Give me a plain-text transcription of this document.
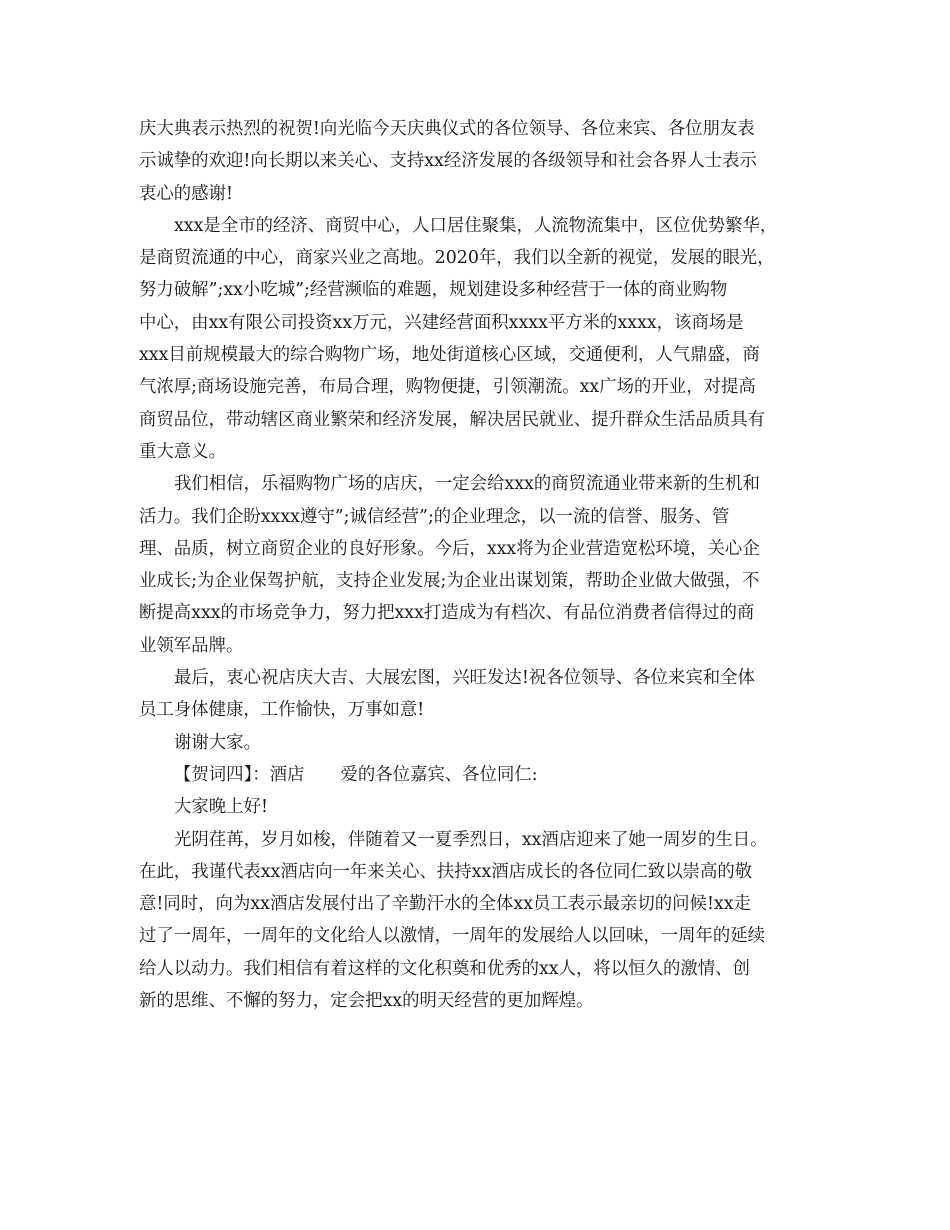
庆大典表示热烈的祝贺!向光临今天庆典仪式的各位领导、各位来宾、各位朋友表
示诚挚的欢迎!向长期以来关心、支持xx经济发展的各级领导和社会各界人士表示
衷心的感谢!
xxx是全市的经济、商贸中心，人口居住聚集，人流物流集中，区位优势繁华，
是商贸流通的中心，商家兴业之高地。2020年，我们以全新的视觉，发展的眼光，
努力破解”;xx小吃城”;经营濒临的难题，规划建设多种经营于一体的商业购物
中心，由xx有限公司投资xx万元，兴建经营面积xxxx平方米的xxxx，该商场是
xxx目前规模最大的综合购物广场，地处街道核心区域，交通便利，人气鼎盛，商
气浓厚;商场设施完善，布局合理，购物便捷，引领潮流。xx广场的开业，对提高
商贸品位，带动辖区商业繁荣和经济发展，解决居民就业、提升群众生活品质具有
重大意义。
我们相信，乐福购物广场的店庆，一定会给xxx的商贸流通业带来新的生机和
活力。我们企盼xxxx遵守”;诚信经营”;的企业理念，以一流的信誉、服务、管
理、品质，树立商贸企业的良好形象。今后，xxx将为企业营造宽松环境，关心企
业成长;为企业保驾护航，支持企业发展;为企业出谋划策，帮助企业做大做强，不
断提高xxx的市场竞争力，努力把xxx打造成为有档次、有品位消费者信得过的商
业领军品牌。
最后，衷心祝店庆大吉、大展宏图，兴旺发达!祝各位领导、各位来宾和全体
员工身体健康，工作愉快，万事如意!
谢谢大家。
【贺词四】：酒店 爱的各位嘉宾、各位同仁:
大家晚上好!
光阴荏苒，岁月如梭，伴随着又一夏季烈日，xx酒店迎来了她一周岁的生日。
在此，我谨代表xx酒店向一年来关心、扶持xx酒店成长的各位同仁致以崇高的敬
意!同时，向为xx酒店发展付出了辛勤汗水的全体xx员工表示最亲切的问候!xx走
过了一周年，一周年的文化给人以激情，一周年的发展给人以回味，一周年的延续
给人以动力。我们相信有着这样的文化积奠和优秀的xx人，将以恒久的激情、创
新的思维、不懈的努力，定会把xx的明天经营的更加辉煌。
